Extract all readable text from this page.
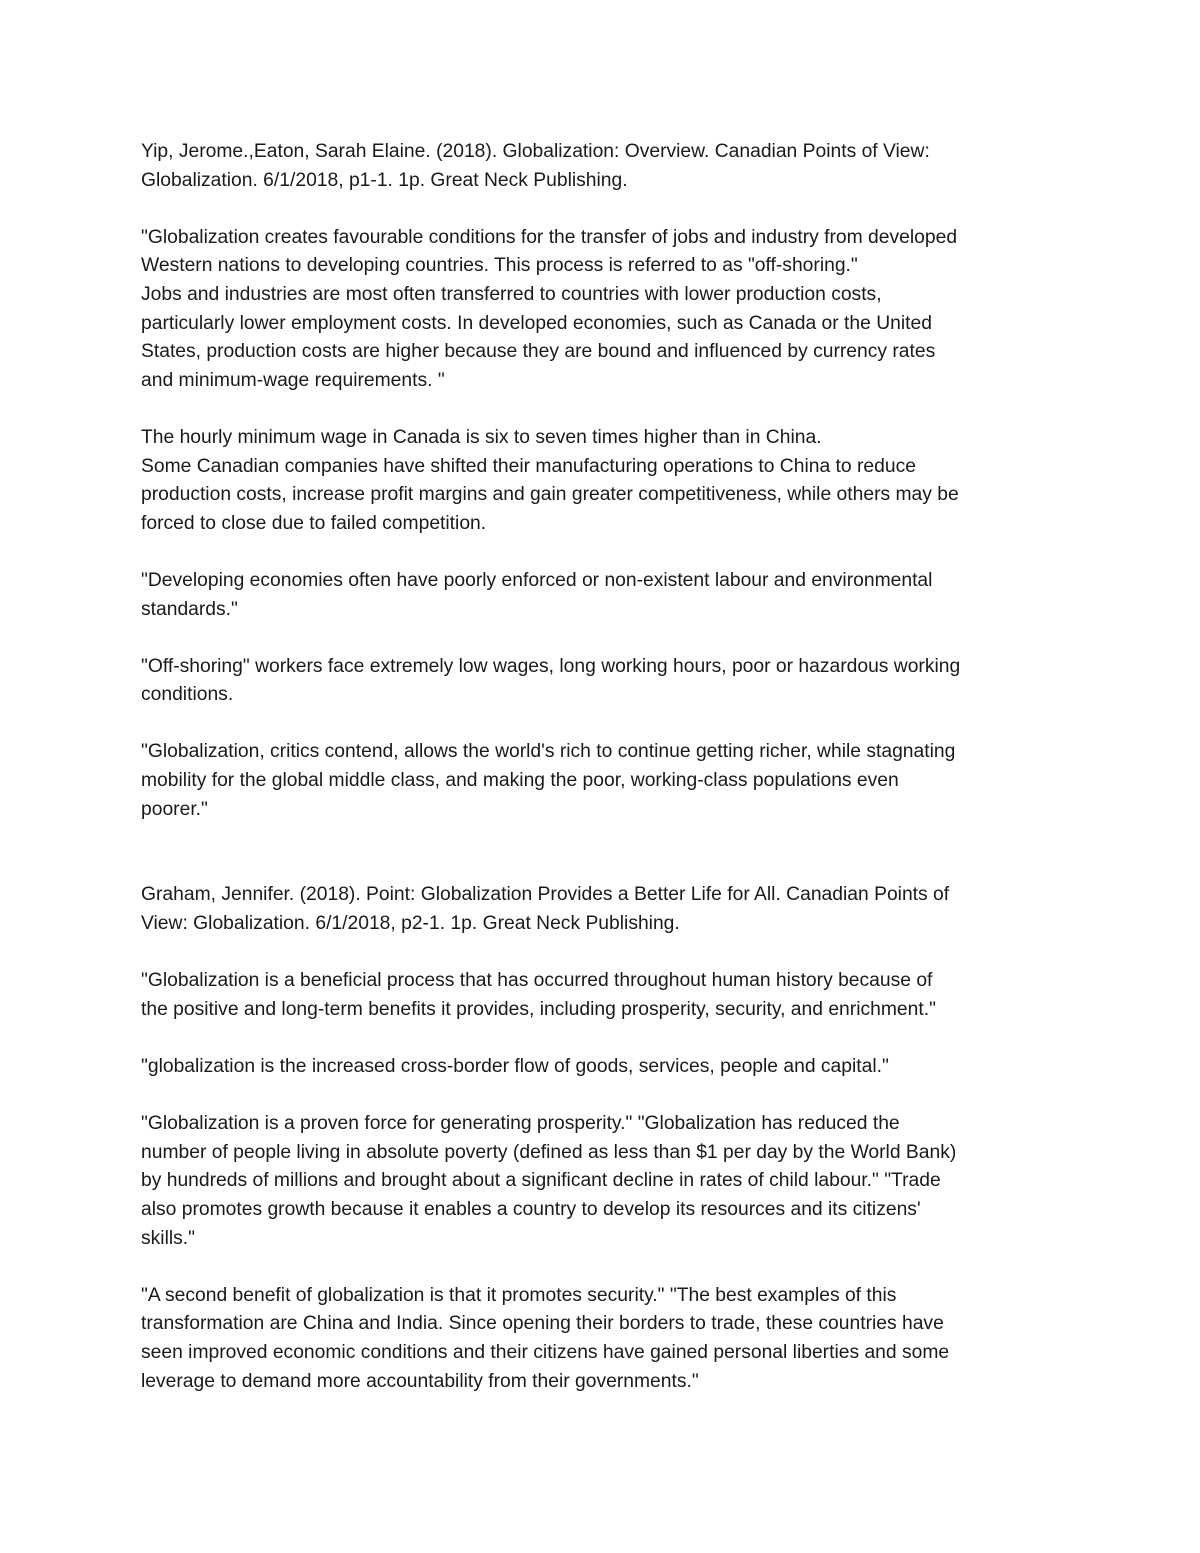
Yip, Jerome.,Eaton, Sarah Elaine. (2018). Globalization: Overview. Canadian Points of View:
Globalization. 6/1/2018, p1-1. 1p. Great Neck Publishing.
"Globalization creates favourable conditions for the transfer of jobs and industry from developed
Western nations to developing countries. This process is referred to as "off-shoring."
Jobs and industries are most often transferred to countries with lower production costs,
particularly lower employment costs. In developed economies, such as Canada or the United
States, production costs are higher because they are bound and influenced by currency rates
and minimum-wage requirements. "
The hourly minimum wage in Canada is six to seven times higher than in China.
Some Canadian companies have shifted their manufacturing operations to China to reduce
production costs, increase profit margins and gain greater competitiveness, while others may be
forced to close due to failed competition.
"Developing economies often have poorly enforced or non-existent labour and environmental
standards."
"Off-shoring" workers face extremely low wages, long working hours, poor or hazardous working
conditions.
"Globalization, critics contend, allows the world's rich to continue getting richer, while stagnating
mobility for the global middle class, and making the poor, working-class populations even
poorer."
Graham, Jennifer. (2018). Point: Globalization Provides a Better Life for All. Canadian Points of
View: Globalization. 6/1/2018, p2-1. 1p. Great Neck Publishing.
"Globalization is a beneficial process that has occurred throughout human history because of
the positive and long-term benefits it provides, including prosperity, security, and enrichment."
"globalization is the increased cross-border flow of goods, services, people and capital."
"Globalization is a proven force for generating prosperity." "Globalization has reduced the
number of people living in absolute poverty (defined as less than $1 per day by the World Bank)
by hundreds of millions and brought about a significant decline in rates of child labour." "Trade
also promotes growth because it enables a country to develop its resources and its citizens'
skills."
"A second benefit of globalization is that it promotes security." "The best examples of this
transformation are China and India. Since opening their borders to trade, these countries have
seen improved economic conditions and their citizens have gained personal liberties and some
leverage to demand more accountability from their governments."
